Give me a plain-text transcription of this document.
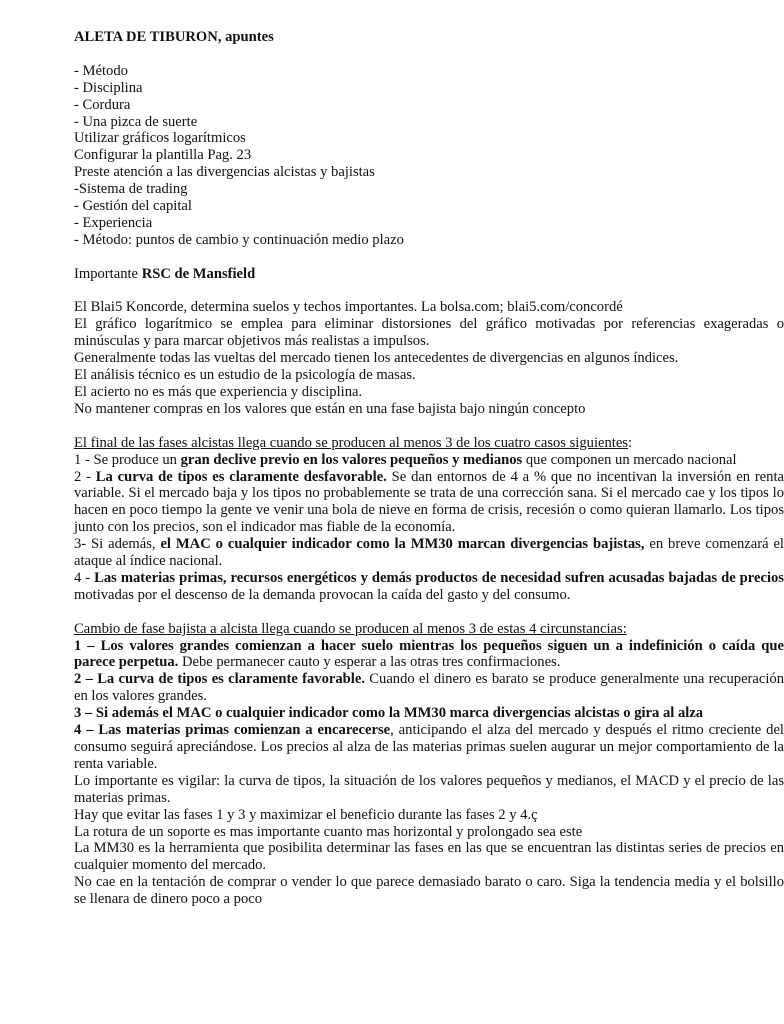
ALETA DE TIBURON, apuntes

- Método

- Disciplina

- Cordura

- Una pizca de suerte

Utilizar gráficos logarítmicos

Configurar la plantilla Pag. 23

Preste atención a las divergencias alcistas y bajistas

-Sistema de trading

- Gestión del capital

- Experiencia

- Método: puntos de cambio y continuación medio plazo

Importante RSC de Mansfield

El Blai5 Koncorde, determina suelos y techos importantes. La bolsa.com; blai5.com/concordé

El gráfico logarítmico se emplea para eliminar distorsiones del gráfico motivadas por referencias exageradas o minúsculas y para marcar objetivos más realistas a impulsos.

Generalmente todas las vueltas del mercado tienen los antecedentes de divergencias en algunos índices.

El análisis técnico es un estudio de la psicología de masas.

El acierto no es más que experiencia y disciplina.

No mantener compras en los valores que están en una fase bajista bajo ningún concepto

El final de las fases alcistas llega cuando se producen al menos 3 de los cuatro casos siguientes:

1 - Se produce un gran declive previo en los valores pequeños y medianos que componen un mercado nacional

2 - La curva de tipos es claramente desfavorable. Se dan entornos de 4 a % que no incentivan la inversión en renta variable. Si el mercado baja y los tipos no probablemente se trata de una corrección sana. Si el mercado cae y los tipos lo hacen en poco tiempo la gente ve venir una bola de nieve en forma de crisis, recesión o como quieran llamarlo. Los tipos junto con los precios, son el indicador mas fiable de la economía.

3- Si además, el MAC o cualquier indicador como la MM30 marcan divergencias bajistas, en breve comenzará el ataque al índice nacional.

4 - Las materias primas, recursos energéticos y demás productos de necesidad sufren acusadas bajadas de precios motivadas por el descenso de la demanda provocan la caída del gasto y del consumo.

Cambio de fase bajista a alcista llega cuando se producen al menos 3 de estas 4 circunstancias:

1 – Los valores grandes comienzan a hacer suelo mientras los pequeños siguen un a indefinición o caída que parece perpetua. Debe permanecer cauto y esperar a las otras tres confirmaciones.

2 – La curva de tipos es claramente favorable. Cuando el dinero es barato se produce generalmente una recuperación en los valores grandes.

3 – Si además el MAC o cualquier indicador como la MM30 marca divergencias alcistas o gira al alza

4 – Las materias primas comienzan a encarecerse, anticipando el alza del mercado y después el ritmo creciente del consumo seguirá apreciándose. Los precios al alza de las materias primas suelen augurar un mejor comportamiento de la renta variable.

Lo importante es vigilar: la curva de tipos, la situación de los valores pequeños y medianos, el MACD y el precio de las materias primas.

Hay que evitar las fases 1 y 3 y maximizar el beneficio durante las fases 2 y 4.ç

La rotura de un soporte es mas importante cuanto mas horizontal y prolongado sea este

La MM30 es la herramienta que posibilita determinar las fases en las que se encuentran las distintas series de precios en cualquier momento del mercado.

No cae en la tentación de comprar o vender lo que parece demasiado barato o caro. Siga la tendencia media y el bolsillo se llenara de dinero poco a poco
